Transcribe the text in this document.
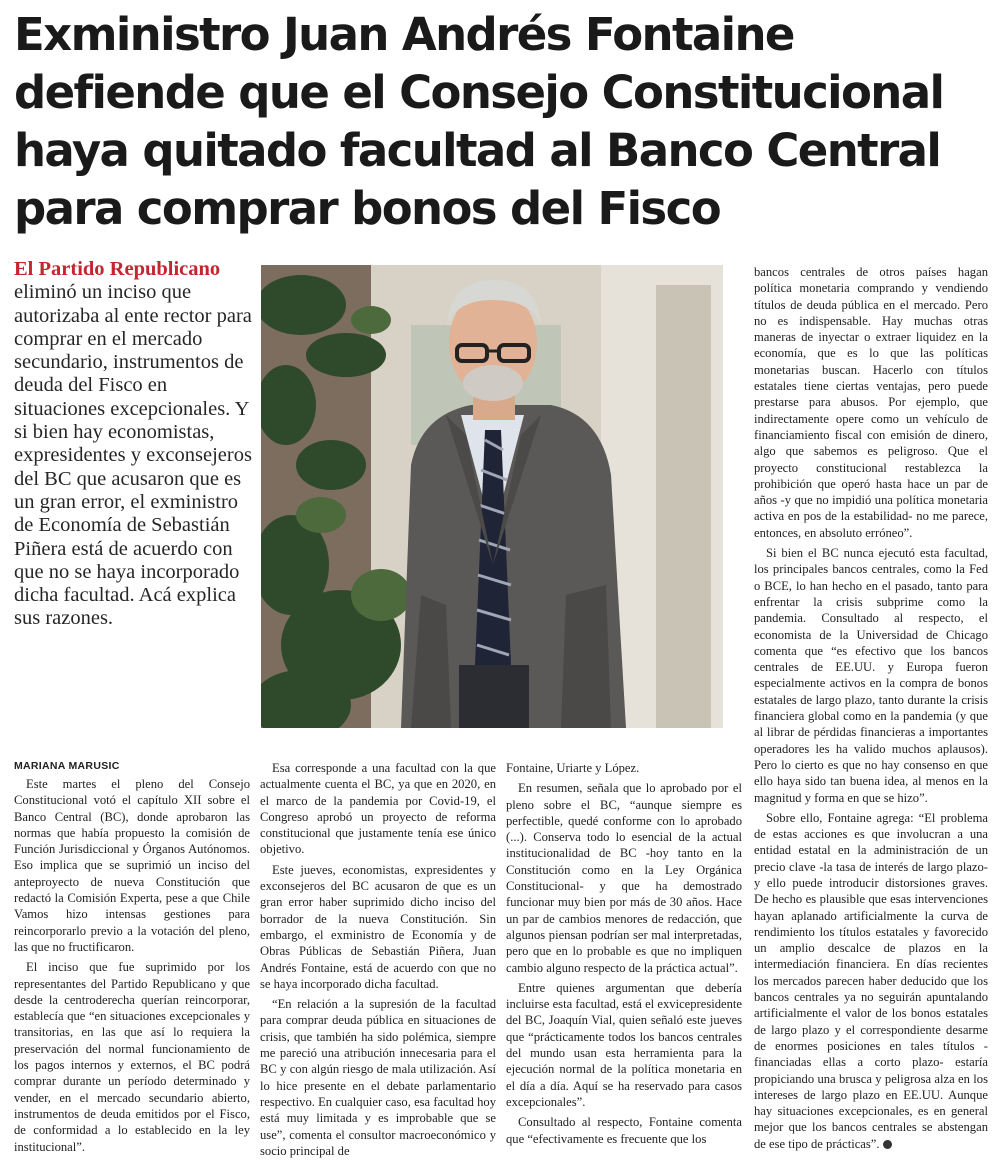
Exministro Juan Andrés Fontaine defiende que el Consejo Constitucional haya quitado facultad al Banco Central para comprar bonos del Fisco
El Partido Republicano eliminó un inciso que autorizaba al ente rector para comprar en el mercado secundario, instrumentos de deuda del Fisco en situaciones excepcionales. Y si bien hay economistas, expresidentes y exconsejeros del BC que acusaron que es un gran error, el exministro de Economía de Sebastián Piñera está de acuerdo con que no se haya incorporado dicha facultad. Acá explica sus razones.
MARIANA MARUSIC

Este martes el pleno del Consejo Constitucional votó el capítulo XII sobre el Banco Central (BC), donde aprobaron las normas que había propuesto la comisión de Función Jurisdiccional y Órganos Autónomos. Eso implica que se suprimió un inciso del anteproyecto de nueva Constitución que redactó la Comisión Experta, pese a que Chile Vamos hizo intensas gestiones para reincorporarlo previo a la votación del pleno, las que no fructificaron.

El inciso que fue suprimido por los representantes del Partido Republicano y que desde la centroderecha querían reincorporar, establecía que “en situaciones excepcionales y transitorias, en las que así lo requiera la preservación del normal funcionamiento de los pagos internos y externos, el BC podrá comprar durante un período determinado y vender, en el mercado secundario abierto, instrumentos de deuda emitidos por el Fisco, de conformidad a lo establecido en la ley institucional”.

Esa corresponde a una facultad con la que actualmente cuenta el BC, ya que en 2020, en el marco de la pandemia por Covid-19, el Congreso aprobó un proyecto de reforma constitucional que justamente tenía ese único objetivo.

Este jueves, economistas, expresidentes y exconsejeros del BC acusaron de que es un gran error haber suprimido dicho inciso del borrador de la nueva Constitución. Sin embargo, el exministro de Economía y de Obras Públicas de Sebastián Piñera, Juan Andrés Fontaine, está de acuerdo con que no se haya incorporado dicha facultad.

“En relación a la supresión de la facultad para comprar deuda pública en situaciones de crisis, que también ha sido polémica, siempre me pareció una atribución innecesaria para el BC y con algún riesgo de mala utilización. Así lo hice presente en el debate parlamentario respectivo. En cualquier caso, esa facultad hoy está muy limitada y es improbable que se use”, comenta el consultor macroeconómico y socio principal de

Fontaine, Uriarte y López.

En resumen, señala que lo aprobado por el pleno sobre el BC, “aunque siempre es perfectible, quedé conforme con lo aprobado (...). Conserva todo lo esencial de la actual institucionalidad de BC -hoy tanto en la Constitución como en la Ley Orgánica Constitucional- y que ha demostrado funcionar muy bien por más de 30 años. Hace un par de cambios menores de redacción, que algunos piensan podrían ser mal interpretadas, pero que en lo probable es que no impliquen cambio alguno respecto de la práctica actual”.

Entre quienes argumentan que debería incluirse esta facultad, está el exvicepresidente del BC, Joaquín Vial, quien señaló este jueves que “prácticamente todos los bancos centrales del mundo usan esta herramienta para la ejecución normal de la política monetaria en el día a día. Aquí se ha reservado para casos excepcionales”.

Consultado al respecto, Fontaine comenta que “efectivamente es frecuente que los

bancos centrales de otros países hagan política monetaria comprando y vendiendo títulos de deuda pública en el mercado. Pero no es indispensable. Hay muchas otras maneras de inyectar o extraer liquidez en la economía, que es lo que las políticas monetarias buscan. Hacerlo con títulos estatales tiene ciertas ventajas, pero puede prestarse para abusos. Por ejemplo, que indirectamente opere como un vehículo de financiamiento fiscal con emisión de dinero, algo que sabemos es peligroso. Que el proyecto constitucional restablezca la prohibición que operó hasta hace un par de años -y que no impidió una política monetaria activa en pos de la estabilidad- no me parece, entonces, en absoluto erróneo”.

Si bien el BC nunca ejecutó esta facultad, los principales bancos centrales, como la Fed o BCE, lo han hecho en el pasado, tanto para enfrentar la crisis subprime como la pandemia. Consultado al respecto, el economista de la Universidad de Chicago comenta que “es efectivo que los bancos centrales de EE.UU. y Europa fueron especialmente activos en la compra de bonos estatales de largo plazo, tanto durante la crisis financiera global como en la pandemia (y que al librar de pérdidas financieras a importantes operadores les ha valido muchos aplausos). Pero lo cierto es que no hay consenso en que ello haya sido tan buena idea, al menos en la magnitud y forma en que se hizo”.

Sobre ello, Fontaine agrega: “El problema de estas acciones es que involucran a una entidad estatal en la administración de un precio clave -la tasa de interés de largo plazo- y ello puede introducir distorsiones graves. De hecho es plausible que esas intervenciones hayan aplanado artificialmente la curva de rendimiento los títulos estatales y favorecido un amplio descalce de plazos en la intermediación financiera. En días recientes los mercados parecen haber deducido que los bancos centrales ya no seguirán apuntalando artificialmente el valor de los bonos estatales de largo plazo y el correspondiente desarme de enormes posiciones en tales títulos -financiadas ellas a corto plazo- estaría propiciando una brusca y peligrosa alza en los intereses de largo plazo en EE.UU. Aunque hay situaciones excepcionales, es en general mejor que los bancos centrales se abstengan de ese tipo de prácticas”.
